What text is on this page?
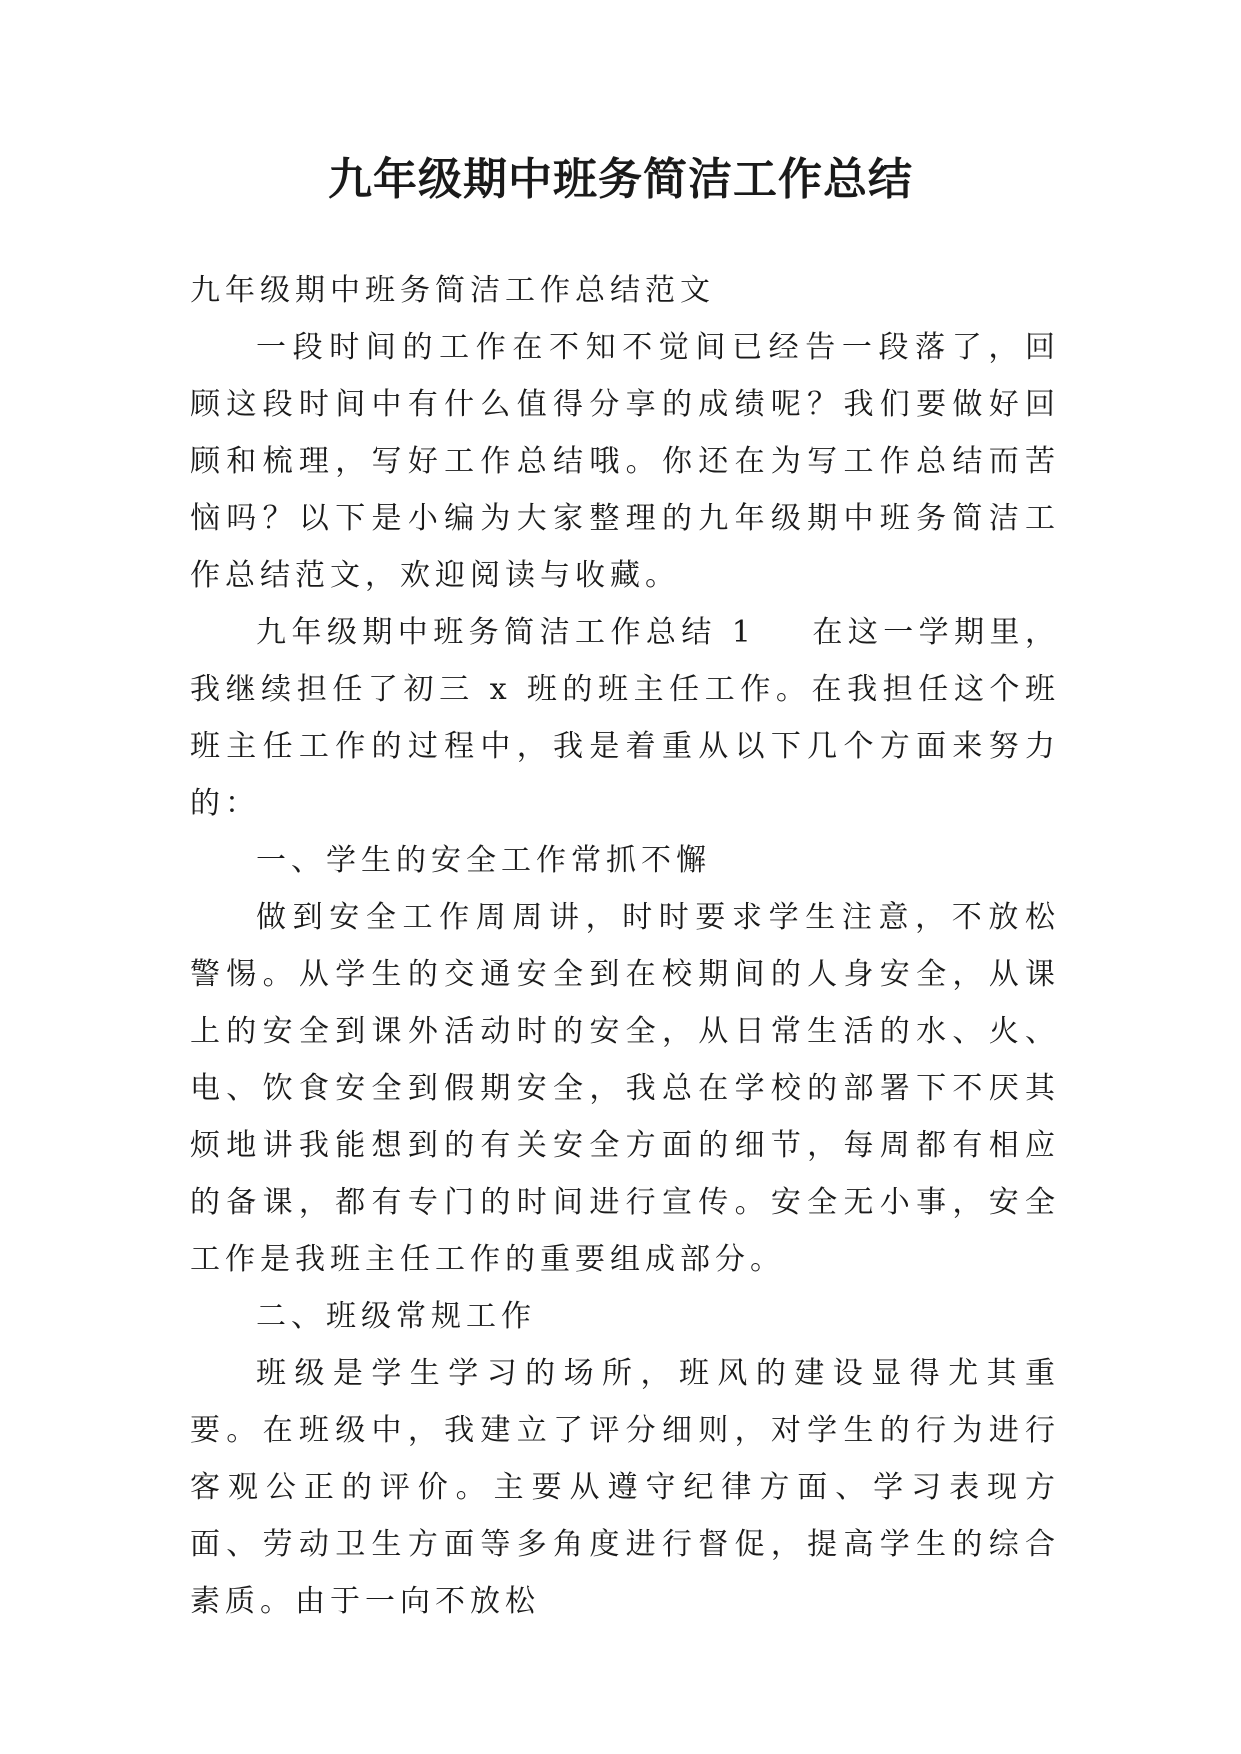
九年级期中班务简洁工作总结

九年级期中班务简洁工作总结范文

一段时间的工作在不知不觉间已经告一段落了，回顾这段时间中有什么值得分享的成绩呢？我们要做好回顾和梳理，写好工作总结哦。你还在为写工作总结而苦恼吗？以下是小编为大家整理的九年级期中班务简洁工作总结范文，欢迎阅读与收藏。

九年级期中班务简洁工作总结 1 在这一学期里，我继续担任了初三 x 班的班主任工作。在我担任这个班班主任工作的过程中，我是着重从以下几个方面来努力的：

一、学生的安全工作常抓不懈

做到安全工作周周讲，时时要求学生注意，不放松警惕。从学生的交通安全到在校期间的人身安全，从课上的安全到课外活动时的安全，从日常生活的水、火、电、饮食安全到假期安全，我总在学校的部署下不厌其烦地讲我能想到的有关安全方面的细节，每周都有相应的备课，都有专门的时间进行宣传。安全无小事，安全工作是我班主任工作的重要组成部分。

二、班级常规工作

班级是学生学习的场所，班风的建设显得尤其重要。在班级中，我建立了评分细则，对学生的行为进行客观公正的评价。主要从遵守纪律方面、学习表现方面、劳动卫生方面等多角度进行督促，提高学生的综合素质。由于一向不放松
